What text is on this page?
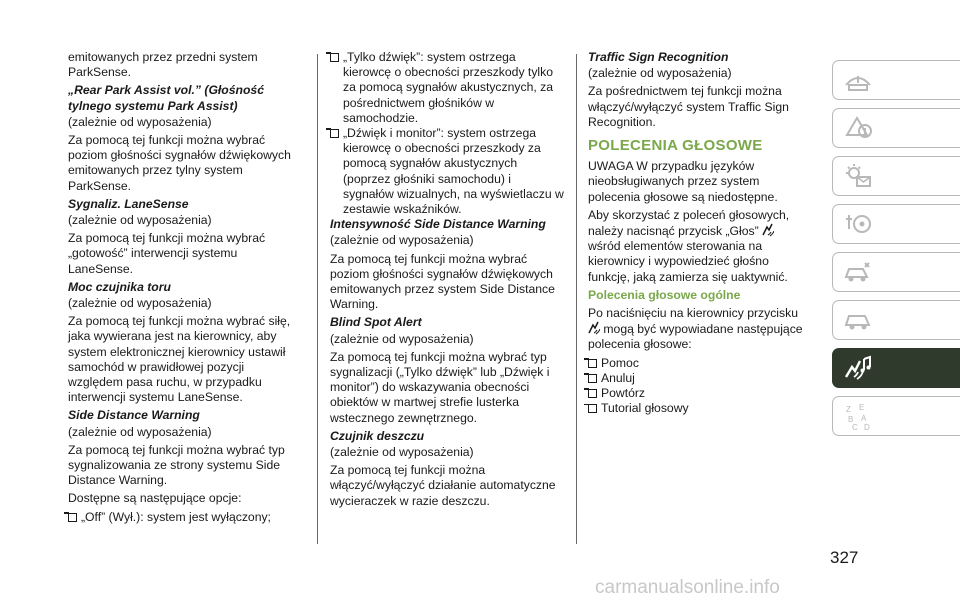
emitowanych przez przedni system ParkSense.

„Rear Park Assist vol.” (Głośność tylnego systemu Park Assist)

(zależnie od wyposażenia)

Za pomocą tej funkcji można wybrać poziom głośności sygnałów dźwiękowych emitowanych przez tylny system ParkSense.

Sygnaliz. LaneSense

(zależnie od wyposażenia)

Za pomocą tej funkcji można wybrać „gotowość” interwencji systemu LaneSense.

Moc czujnika toru

(zależnie od wyposażenia)

Za pomocą tej funkcji można wybrać siłę, jaka wywierana jest na kierownicy, aby system elektronicznej kierownicy ustawił samochód w prawidłowej pozycji względem pasa ruchu, w przypadku interwencji systemu LaneSense.

Side Distance Warning

(zależnie od wyposażenia)

Za pomocą tej funkcji można wybrać typ sygnalizowania ze strony systemu Side Distance Warning.

Dostępne są następujące opcje:

„Off” (Wył.): system jest wyłączony;

„Tylko dźwięk”: system ostrzega kierowcę o obecności przeszkody tylko za pomocą sygnałów akustycznych, za pośrednictwem głośników w samochodzie.

„Dźwięk i monitor”: system ostrzega kierowcę o obecności przeszkody za pomocą sygnałów akustycznych (poprzez głośniki samochodu) i sygnałów wizualnych, na wyświetlaczu w zestawie wskaźników.

Intensywność Side Distance Warning

(zależnie od wyposażenia)

Za pomocą tej funkcji można wybrać poziom głośności sygnałów dźwiękowych emitowanych przez system Side Distance Warning.

Blind Spot Alert

(zależnie od wyposażenia)

Za pomocą tej funkcji można wybrać typ sygnalizacji („Tylko dźwięk” lub „Dźwięk i monitor”) do wskazywania obecności obiektów w martwej strefie lusterka wstecznego zewnętrznego.

Czujnik deszczu

(zależnie od wyposażenia)

Za pomocą tej funkcji można włączyć/wyłączyć działanie automatyczne wycieraczek w razie deszczu.

Traffic Sign Recognition

(zależnie od wyposażenia)

Za pośrednictwem tej funkcji można włączyć/wyłączyć system Traffic Sign Recognition.

POLECENIA GŁOSOWE

UWAGA W przypadku języków nieobsługiwanych przez system polecenia głosowe są niedostępne.

Aby skorzystać z poleceń głosowych, należy nacisnąć przycisk „Głos”  wśród elementów sterowania na kierownicy i wypowiedzieć głośno funkcję, jaką zamierza się uaktywnić.

Polecenia głosowe ogólne

Po naciśnięciu na kierownicy przycisku  mogą być wypowiadane następujące polecenia głosowe:

Pomoc

Anuluj

Powtórz

Tutorial głosowy	Z E
B A
C D
327
carmanualsonline.info
